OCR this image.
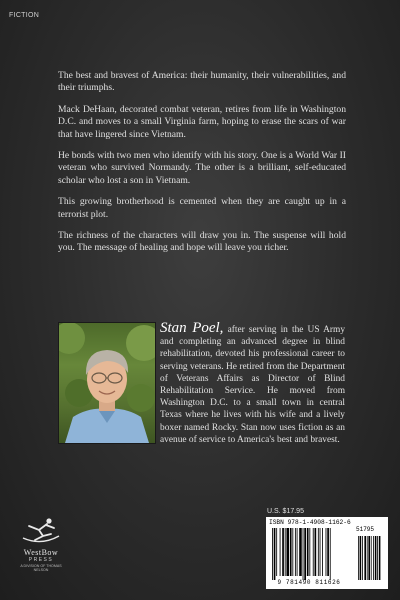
FICTION

The best and bravest of America: their humanity, their vulnerabilities, and their triumphs.

Mack DeHaan, decorated combat veteran, retires from life in Washington D.C. and moves to a small Virginia farm, hoping to erase the scars of war that have lingered since Vietnam.

He bonds with two men who identify with his story. One is a World War II veteran who survived Normandy. The other is a brilliant, self-educated scholar who lost a son in Vietnam.

This growing brotherhood is cemented when they are caught up in a terrorist plot.

The richness of the characters will draw you in. The suspense will hold you. The message of healing and hope will leave you richer.

Stan Poel, after serving in the US Army and completing an advanced degree in blind rehabilitation, devoted his professional career to serving veterans. He retired from the Department of Veterans Affairs as Director of Blind Rehabilitation Service. He moved from Washington D.C. to a small town in central Texas where he lives with his wife and a lively boxer named Rocky. Stan now uses fiction as an avenue of service to America's best and bravest.

WestBow
PRESS
A DIVISION OF THOMAS NELSON
U.S. $17.95
ISBN 978-1-4908-1162-6
9 781490 811626
51795
